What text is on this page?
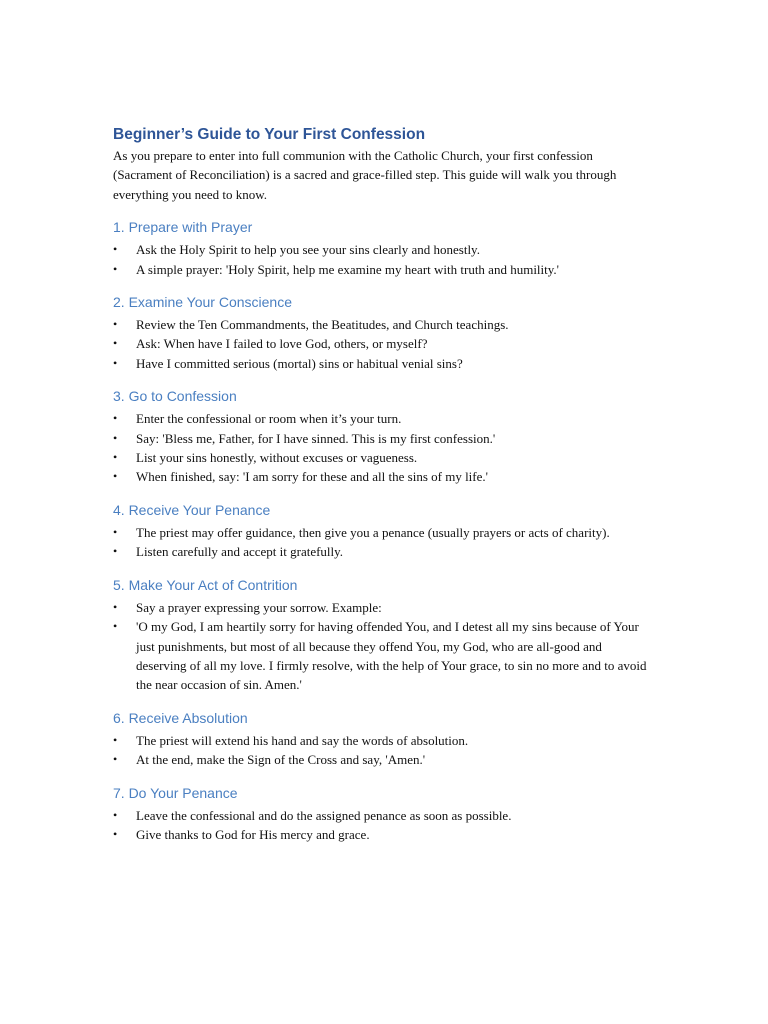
Beginner’s Guide to Your First Confession

As you prepare to enter into full communion with the Catholic Church, your first confession (Sacrament of Reconciliation) is a sacred and grace-filled step. This guide will walk you through everything you need to know.

1. Prepare with Prayer
• Ask the Holy Spirit to help you see your sins clearly and honestly.
• A simple prayer: 'Holy Spirit, help me examine my heart with truth and humility.'
2. Examine Your Conscience
• Review the Ten Commandments, the Beatitudes, and Church teachings.
• Ask: When have I failed to love God, others, or myself?
• Have I committed serious (mortal) sins or habitual venial sins?
3. Go to Confession
• Enter the confessional or room when it’s your turn.
• Say: 'Bless me, Father, for I have sinned. This is my first confession.'
• List your sins honestly, without excuses or vagueness.
• When finished, say: 'I am sorry for these and all the sins of my life.'
4. Receive Your Penance
• The priest may offer guidance, then give you a penance (usually prayers or acts of charity).
• Listen carefully and accept it gratefully.
5. Make Your Act of Contrition
• Say a prayer expressing your sorrow. Example:
• 'O my God, I am heartily sorry for having offended You, and I detest all my sins because of Your just punishments, but most of all because they offend You, my God, who are all-good and deserving of all my love. I firmly resolve, with the help of Your grace, to sin no more and to avoid the near occasion of sin. Amen.'
6. Receive Absolution
• The priest will extend his hand and say the words of absolution.
• At the end, make the Sign of the Cross and say, 'Amen.'
7. Do Your Penance
• Leave the confessional and do the assigned penance as soon as possible.
• Give thanks to God for His mercy and grace.
